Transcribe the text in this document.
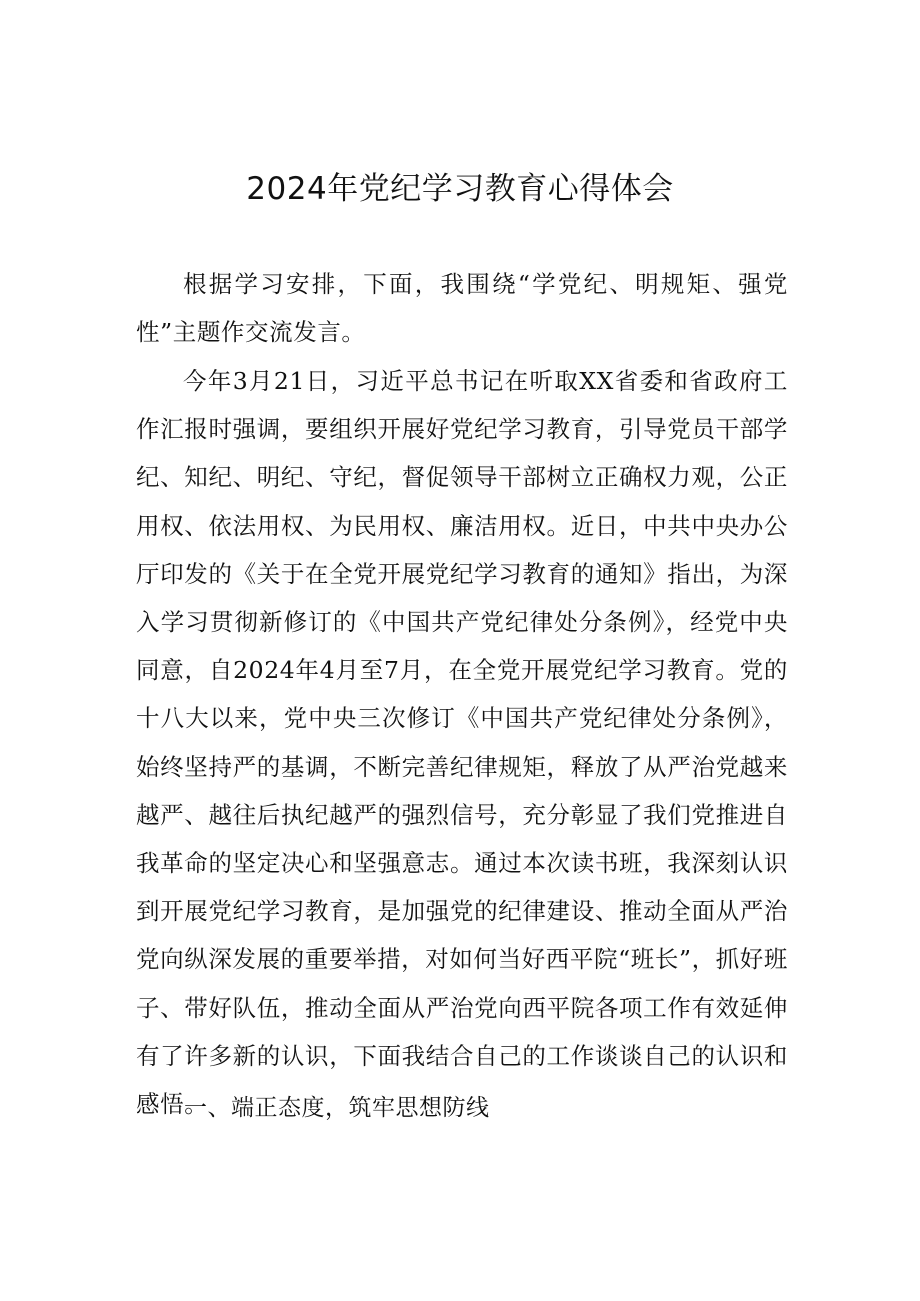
2024年党纪学习教育心得体会

根据学习安排，下面，我围绕“学党纪、明规矩、强党性”主题作交流发言。

今年3月21日，习近平总书记在听取XX省委和省政府工作汇报时强调，要组织开展好党纪学习教育，引导党员干部学纪、知纪、明纪、守纪，督促领导干部树立正确权力观，公正用权、依法用权、为民用权、廉洁用权。近日，中共中央办公厅印发的《关于在全党开展党纪学习教育的通知》指出，为深入学习贯彻新修订的《中国共产党纪律处分条例》，经党中央同意，自2024年4月至7月，在全党开展党纪学习教育。党的十八大以来，党中央三次修订《中国共产党纪律处分条例》，始终坚持严的基调，不断完善纪律规矩，释放了从严治党越来越严、越往后执纪越严的强烈信号，充分彰显了我们党推进自我革命的坚定决心和坚强意志。通过本次读书班，我深刻认识到开展党纪学习教育，是加强党的纪律建设、推动全面从严治党向纵深发展的重要举措，对如何当好西平院“班长”，抓好班子、带好队伍，推动全面从严治党向西平院各项工作有效延伸有了许多新的认识，下面我结合自己的工作谈谈自己的认识和感悟。

一、端正态度，筑牢思想防线
